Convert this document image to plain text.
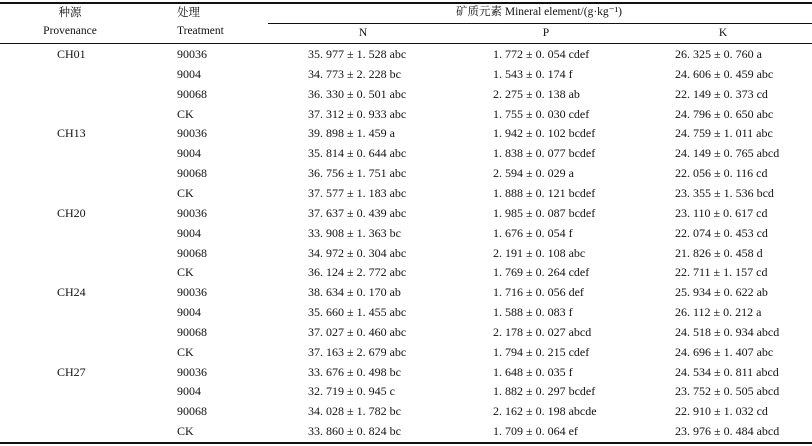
种源
Provenance
处理
Treatment
矿质元素 Mineral element/(g·kg⁻¹)
N	P	K
CH01	90036	35. 977 ± 1. 528 abc	1. 772 ± 0. 054 cdef	26. 325 ± 0. 760 a
9004	34. 773 ± 2. 228 bc	1. 543 ± 0. 174 f	24. 606 ± 0. 459 abc
90068	36. 330 ± 0. 501 abc	2. 275 ± 0. 138 ab	22. 149 ± 0. 373 cd
CK	37. 312 ± 0. 933 abc	1. 755 ± 0. 030 cdef	24. 796 ± 0. 650 abc
CH13	90036	39. 898 ± 1. 459 a	1. 942 ± 0. 102 bcdef	24. 759 ± 1. 011 abc
9004	35. 814 ± 0. 644 abc	1. 838 ± 0. 077 bcdef	24. 149 ± 0. 765 abcd
90068	36. 756 ± 1. 751 abc	2. 594 ± 0. 029 a	22. 056 ± 0. 116 cd
CK	37. 577 ± 1. 183 abc	1. 888 ± 0. 121 bcdef	23. 355 ± 1. 536 bcd
CH20	90036	37. 637 ± 0. 439 abc	1. 985 ± 0. 087 bcdef	23. 110 ± 0. 617 cd
9004	33. 908 ± 1. 363 bc	1. 676 ± 0. 054 f	22. 074 ± 0. 453 cd
90068	34. 972 ± 0. 304 abc	2. 191 ± 0. 108 abc	21. 826 ± 0. 458 d
CK	36. 124 ± 2. 772 abc	1. 769 ± 0. 264 cdef	22. 711 ± 1. 157 cd
CH24	90036	38. 634 ± 0. 170 ab	1. 716 ± 0. 056 def	25. 934 ± 0. 622 ab
9004	35. 660 ± 1. 455 abc	1. 588 ± 0. 083 f	26. 112 ± 0. 212 a
90068	37. 027 ± 0. 460 abc	2. 178 ± 0. 027 abcd	24. 518 ± 0. 934 abcd
CK	37. 163 ± 2. 679 abc	1. 794 ± 0. 215 cdef	24. 696 ± 1. 407 abc
CH27	90036	33. 676 ± 0. 498 bc	1. 648 ± 0. 035 f	24. 534 ± 0. 811 abcd
9004	32. 719 ± 0. 945 c	1. 882 ± 0. 297 bcdef	23. 752 ± 0. 505 abcd
90068	34. 028 ± 1. 782 bc	2. 162 ± 0. 198 abcde	22. 910 ± 1. 032 cd
CK	33. 860 ± 0. 824 bc	1. 709 ± 0. 064 ef	23. 976 ± 0. 484 abcd
